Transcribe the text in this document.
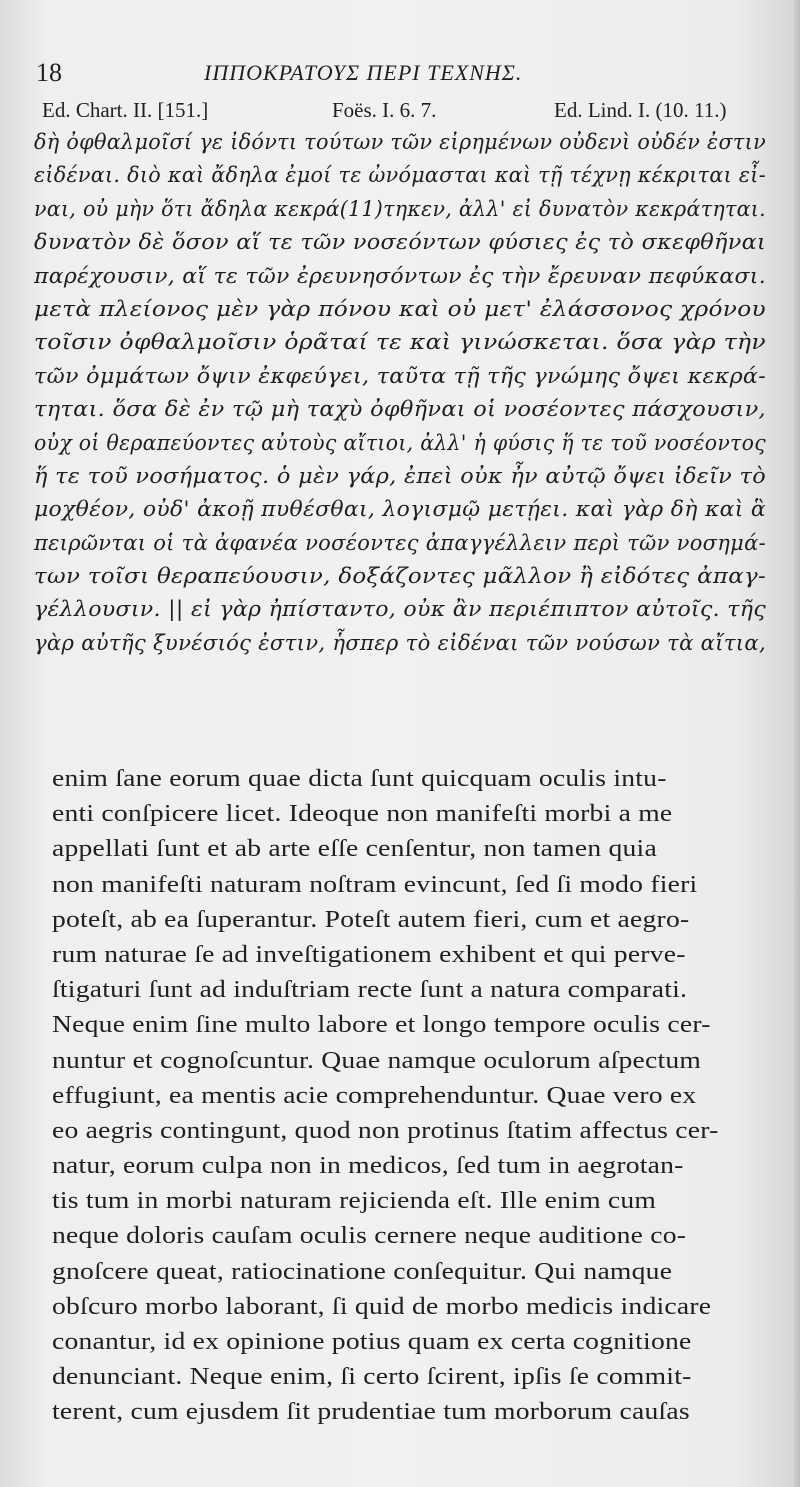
18	ΙΠΠΟΚΡΑΤΟΥΣ ΠΕΡΙ ΤΕΧΝΗΣ.
Ed. Chart. II. [151.]	Foës. I. 6. 7.	Ed. Lind. I. (10. 11.)
δὴ ὀφθαλμοῖσί γε ἰδόντι τούτων τῶν εἰρημένων οὐδενὶ οὐδέν ἐστιν
εἰδέναι. διὸ καὶ ἄδηλα ἐμοί τε ὠνόμασται καὶ τῇ τέχνῃ κέκριται εἶ-
ναι, οὐ μὴν ὅτι ἄδηλα κεκρά(11)τηκεν, ἀλλ' εἰ δυνατὸν κεκράτηται.
δυνατὸν δὲ ὅσον αἵ τε τῶν νοσεόντων φύσιες ἐς τὸ σκεφθῆναι
παρέχουσιν, αἵ τε τῶν ἐρευνησόντων ἐς τὴν ἔρευναν πεφύκασι.
μετὰ πλείονος μὲν γὰρ πόνου καὶ οὐ μετ' ἐλάσσονος χρόνου
τοῖσιν ὀφθαλμοῖσιν ὁρᾶταί τε καὶ γινώσκεται. ὅσα γὰρ τὴν
τῶν ὀμμάτων ὄψιν ἐκφεύγει, ταῦτα τῇ τῆς γνώμης ὄψει κεκρά-
τηται. ὅσα δὲ ἐν τῷ μὴ ταχὺ ὀφθῆναι οἱ νοσέοντες πάσχουσιν,
οὐχ οἱ θεραπεύοντες αὐτοὺς αἴτιοι, ἀλλ' ἡ φύσις ἥ τε τοῦ νοσέοντος
ἥ τε τοῦ νοσήματος. ὁ μὲν γάρ, ἐπεὶ οὐκ ἦν αὐτῷ ὄψει ἰδεῖν τὸ
μοχθέον, οὐδ' ἀκοῇ πυθέσθαι, λογισμῷ μετῄει. καὶ γὰρ δὴ καὶ ἃ
πειρῶνται οἱ τὰ ἀφανέα νοσέοντες ἀπαγγέλλειν περὶ τῶν νοσημά-
των τοῖσι θεραπεύουσιν, δοξάζοντες μᾶλλον ἢ εἰδότες ἀπαγ-
γέλλουσιν. || εἰ γὰρ ἠπίσταντο, οὐκ ἂν περιέπιπτον αὐτοῖς. τῆς
γὰρ αὐτῆς ξυνέσιός ἐστιν, ἧσπερ τὸ εἰδέναι τῶν νούσων τὰ αἴτια,
enim ſane eorum quae dicta ſunt quicquam oculis intu-
enti conſpicere licet. Ideoque non manifeſti morbi a me
appellati ſunt et ab arte eſſe cenſentur, non tamen quia
non manifeſti naturam noſtram evincunt, ſed ſi modo fieri
poteſt, ab ea ſuperantur. Poteſt autem fieri, cum et aegro-
rum naturae ſe ad inveſtigationem exhibent et qui perve-
ſtigaturi ſunt ad induſtriam recte ſunt a natura comparati.
Neque enim ſine multo labore et longo tempore oculis cer-
nuntur et cognoſcuntur. Quae namque oculorum aſpectum
effugiunt, ea mentis acie comprehenduntur. Quae vero ex
eo aegris contingunt, quod non protinus ſtatim affectus cer-
natur, eorum culpa non in medicos, ſed tum in aegrotan-
tis tum in morbi naturam rejicienda eſt. Ille enim cum
neque doloris cauſam oculis cernere neque auditione co-
gnoſcere queat, ratiocinatione conſequitur. Qui namque
obſcuro morbo laborant, ſi quid de morbo medicis indicare
conantur, id ex opinione potius quam ex certa cognitione
denunciant. Neque enim, ſi certo ſcirent, ipſis ſe commit-
terent, cum ejusdem ſit prudentiae tum morborum cauſas
